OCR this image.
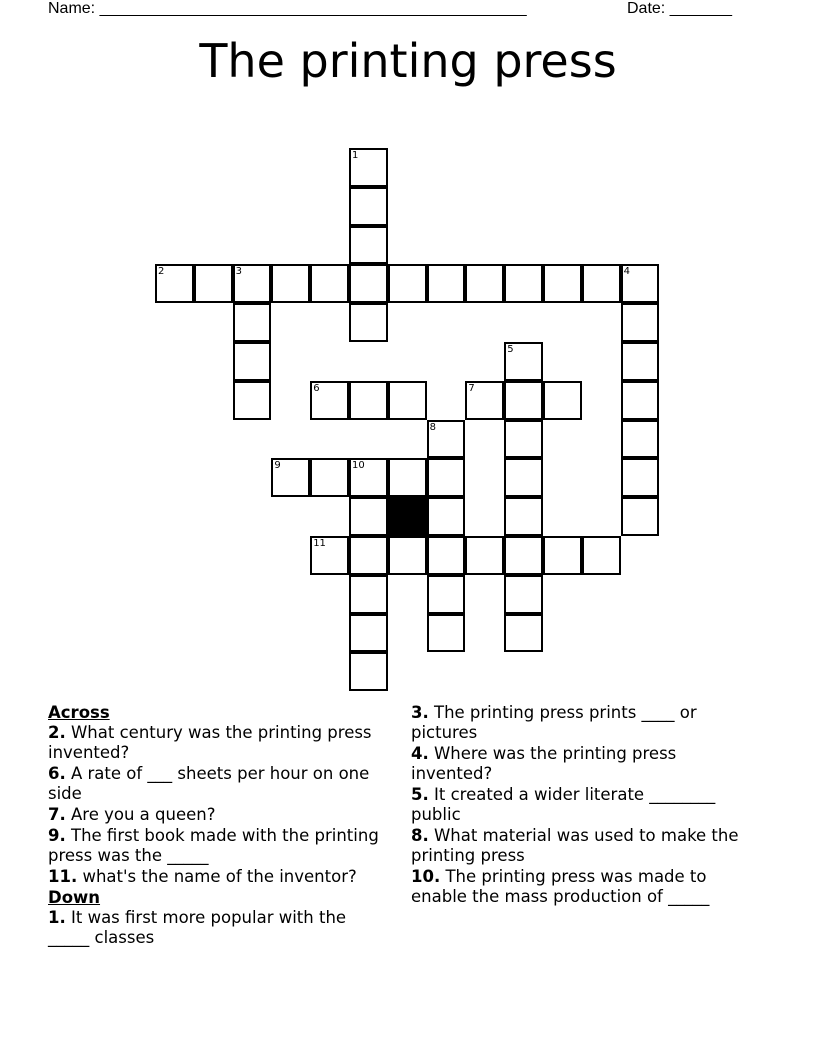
Name: ________________________________________________	Date: _______
The printing press
1
2	3	4
5
6	7
8
9	10
11
Across
2. What century was the printing press invented?
6. A rate of ___ sheets per hour on one side
7. Are you a queen?
9. The first book made with the printing press was the _____
11. what's the name of the inventor?
Down
1. It was first more popular with the _____ classes
3. The printing press prints ____ or pictures
4. Where was the printing press invented?
5. It created a wider literate ________ public
8. What material was used to make the printing press
10. The printing press was made to enable the mass production of _____
